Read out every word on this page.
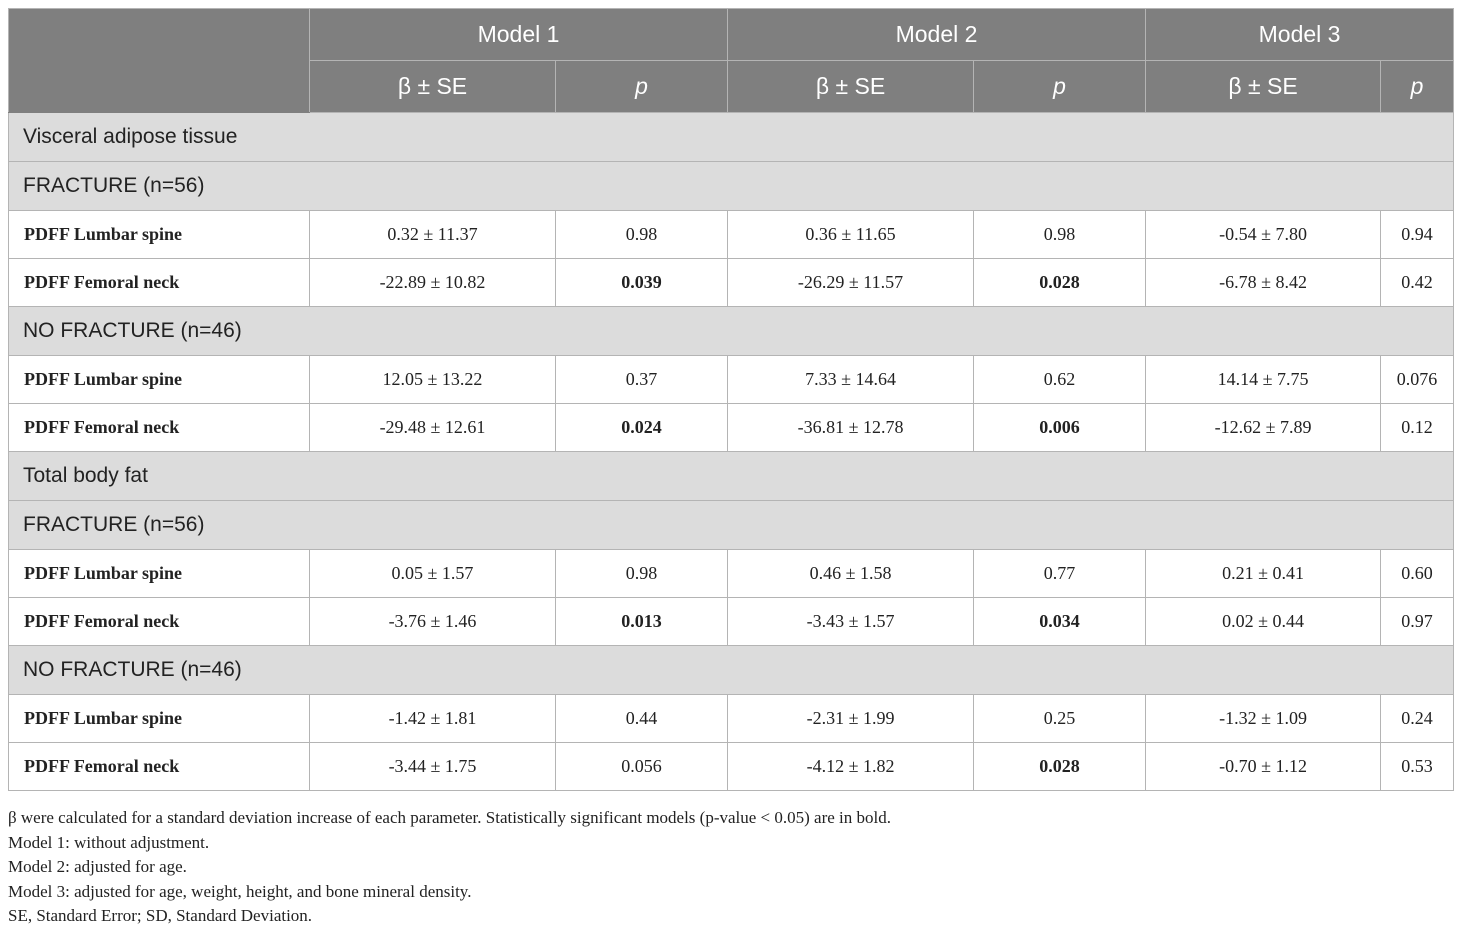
	Model 1		Model 2		Model 3	
	β ± SE	p	β ± SE	p	β ± SE	p
Visceral adipose tissue						
FRACTURE (n=56)						
PDFF Lumbar spine	0.32 ± 11.37	0.98	0.36 ± 11.65	0.98	-0.54 ± 7.80	0.94
PDFF Femoral neck	-22.89 ± 10.82	0.039	-26.29 ± 11.57	0.028	-6.78 ± 8.42	0.42
NO FRACTURE (n=46)						
PDFF Lumbar spine	12.05 ± 13.22	0.37	7.33 ± 14.64	0.62	14.14 ± 7.75	0.076
PDFF Femoral neck	-29.48 ± 12.61	0.024	-36.81 ± 12.78	0.006	-12.62 ± 7.89	0.12
Total body fat						
FRACTURE (n=56)						
PDFF Lumbar spine	0.05 ± 1.57	0.98	0.46 ± 1.58	0.77	0.21 ± 0.41	0.60
PDFF Femoral neck	-3.76 ± 1.46	0.013	-3.43 ± 1.57	0.034	0.02 ± 0.44	0.97
NO FRACTURE (n=46)						
PDFF Lumbar spine	-1.42 ± 1.81	0.44	-2.31 ± 1.99	0.25	-1.32 ± 1.09	0.24
PDFF Femoral neck	-3.44 ± 1.75	0.056	-4.12 ± 1.82	0.028	-0.70 ± 1.12	0.53
β were calculated for a standard deviation increase of each parameter. Statistically significant models (p-value < 0.05) are in bold.
Model 1: without adjustment.
Model 2: adjusted for age.
Model 3: adjusted for age, weight, height, and bone mineral density.
SE, Standard Error; SD, Standard Deviation.
